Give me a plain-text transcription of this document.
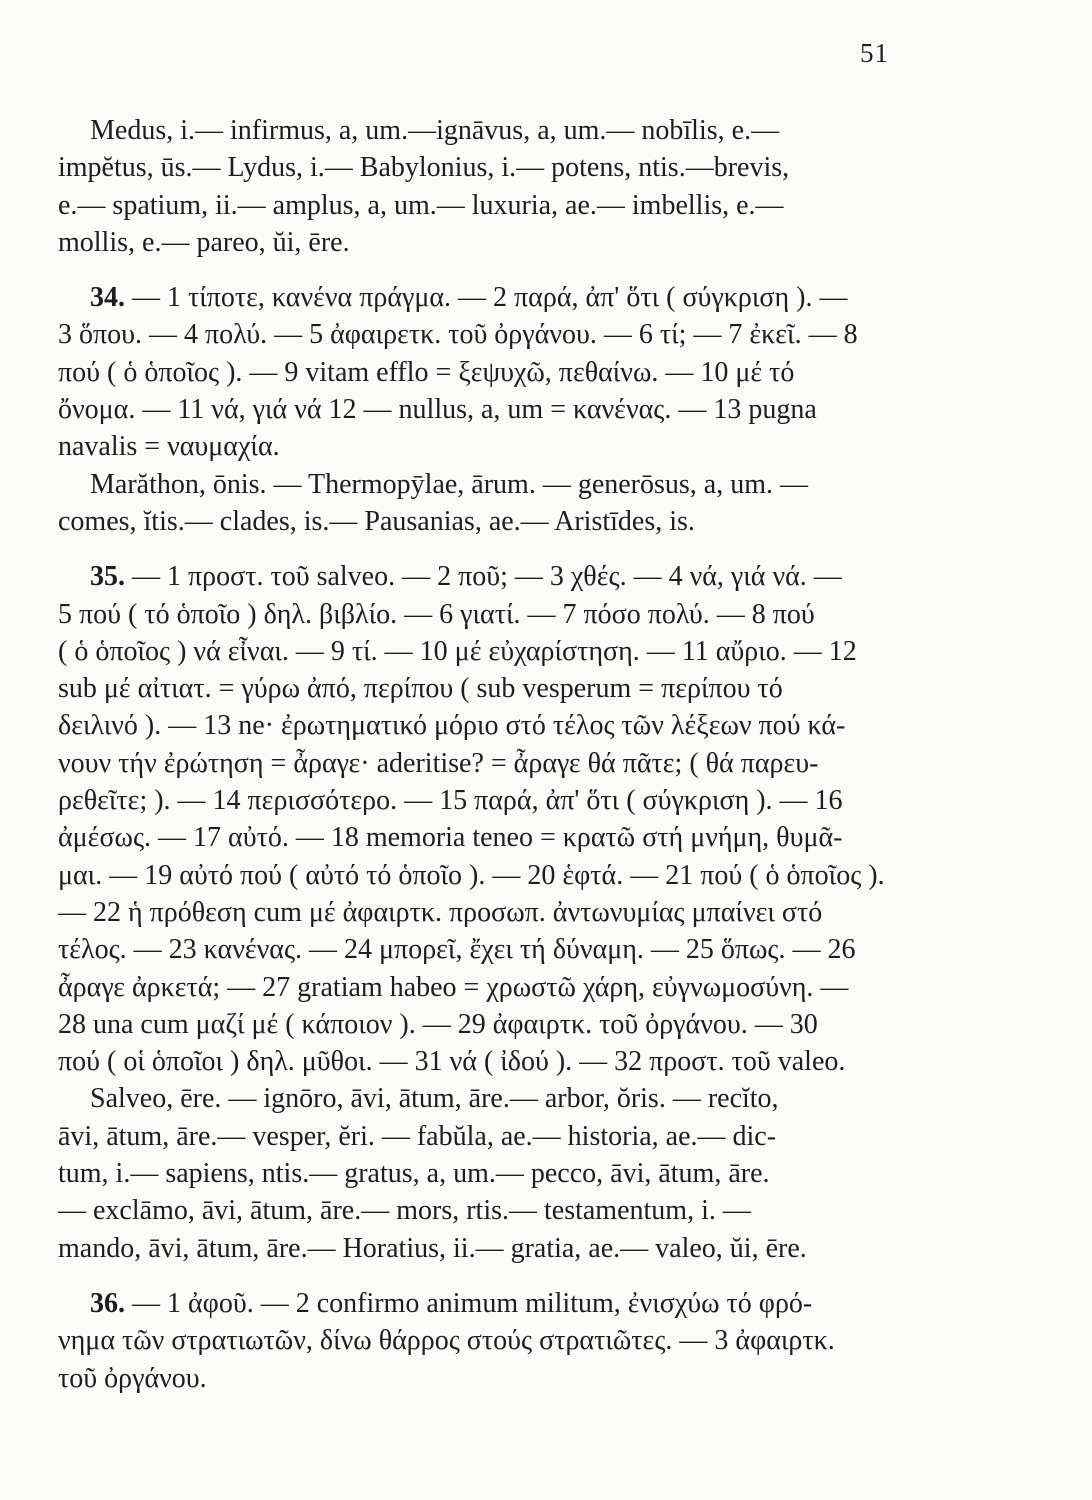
51
Medus, i.— infirmus, a, um.—ignāvus, a, um.— nobīlis, e.—
impĕtus, ūs.— Lydus, i.— Babylonius, i.— potens, ntis.—brevis,
e.— spatium, ii.— amplus, a, um.— luxuria, ae.— imbellis, e.—
mollis, e.— pareo, ŭi, ēre.
34. — 1 τίποτε, κανένα πράγμα. — 2 παρά, ἀπ' ὅτι ( σύγκριση ). —
3 ὅπου. — 4 πολύ. — 5 ἀφαιρετκ. τοῦ ὀργάνου. — 6 τί; — 7 ἐκεῖ. — 8
πού ( ὁ ὁποῖος ). — 9 vitam efflo = ξεψυχῶ, πεθαίνω. — 10 μέ τό
ὄνομα. — 11 νά, γιά νά 12 — nullus, a, um = κανένας. — 13 pugna
navalis = ναυμαχία.
Marăthon, ōnis. — Thermopȳlae, ārum. — generōsus, a, um. —
comes, ĭtis.— clades, is.— Pausanias, ae.— Aristīdes, is.
35. — 1 προστ. τοῦ salveo. — 2 ποῦ; — 3 χθές. — 4 νά, γιά νά. —
5 πού ( τό ὁποῖο ) δηλ. βιβλίο. — 6 γιατί. — 7 πόσο πολύ. — 8 πού
( ὁ ὁποῖος ) νά εἶναι. — 9 τί. — 10 μέ εὐχαρίστηση. — 11 αὔριο. — 12
sub μέ αἰτιατ. = γύρω ἀπό, περίπου ( sub vesperum = περίπου τό
δειλινό ). — 13 ne· ἐρωτηματικό μόριο στό τέλος τῶν λέξεων πού κά-
νουν τήν ἐρώτηση = ἆραγε· aderitise? = ἆραγε θά πᾶτε; ( θά παρευ-
ρεθεῖτε; ). — 14 περισσότερο. — 15 παρά, ἀπ' ὅτι ( σύγκριση ). — 16
ἀμέσως. — 17 αὐτό. — 18 memoria teneo = κρατῶ στή μνήμη, θυμᾶ-
μαι. — 19 αὐτό πού ( αὐτό τό ὁποῖο ). — 20 ἑφτά. — 21 πού ( ὁ ὁποῖος ).
— 22 ἡ πρόθεση cum μέ ἀφαιρτκ. προσωπ. ἀντωνυμίας μπαίνει στό
τέλος. — 23 κανένας. — 24 μπορεῖ, ἔχει τή δύναμη. — 25 ὅπως. — 26
ἆραγε ἀρκετά; — 27 gratiam habeo = χρωστῶ χάρη, εὐγνωμοσύνη. —
28 una cum μαζί μέ ( κάποιον ). — 29 ἀφαιρτκ. τοῦ ὀργάνου. — 30
πού ( οἱ ὁποῖοι ) δηλ. μῦθοι. — 31 νά ( ἰδού ). — 32 προστ. τοῦ valeo.
Salveo, ēre. — ignōro, āvi, ātum, āre.— arbor, ŏris. — recĭto,
āvi, ātum, āre.— vesper, ĕri. — fabŭla, ae.— historia, ae.— dic-
tum, i.— sapiens, ntis.— gratus, a, um.— pecco, āvi, ātum, āre.
— exclāmo, āvi, ātum, āre.— mors, rtis.— testamentum, i. —
mando, āvi, ātum, āre.— Horatius, ii.— gratia, ae.— valeo, ŭi, ēre.
36. — 1 ἀφοῦ. — 2 confirmo animum militum, ἐνισχύω τό φρό-
νημα τῶν στρατιωτῶν, δίνω θάρρος στούς στρατιῶτες. — 3 ἀφαιρτκ.
τοῦ ὀργάνου.
